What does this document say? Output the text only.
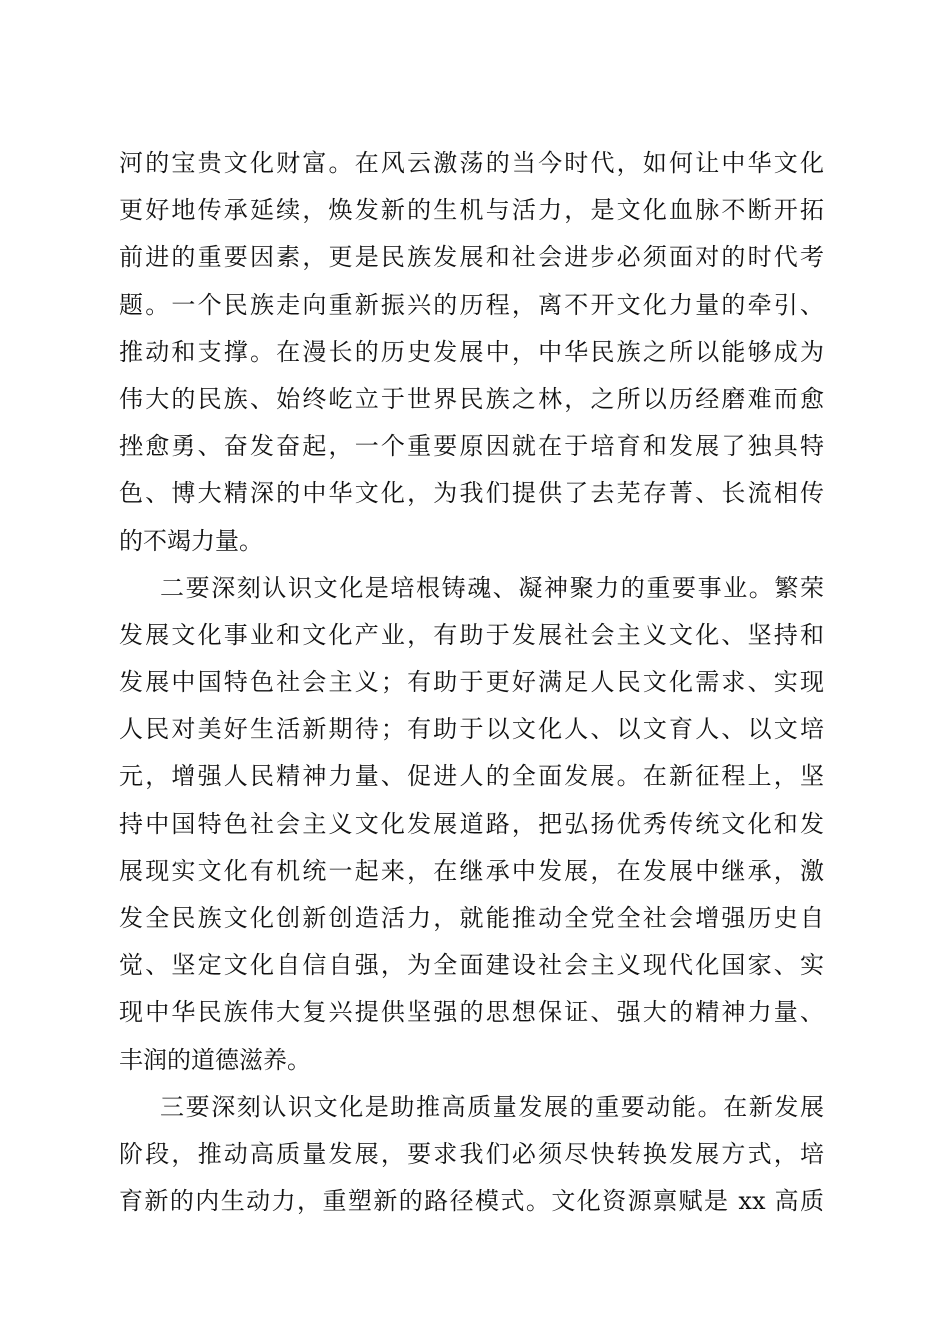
河的宝贵文化财富。在风云激荡的当今时代，如何让中华文化
更好地传承延续，焕发新的生机与活力，是文化血脉不断开拓
前进的重要因素，更是民族发展和社会进步必须面对的时代考
题。一个民族走向重新振兴的历程，离不开文化力量的牵引、
推动和支撑。在漫长的历史发展中，中华民族之所以能够成为
伟大的民族、始终屹立于世界民族之林，之所以历经磨难而愈
挫愈勇、奋发奋起，一个重要原因就在于培育和发展了独具特
色、博大精深的中华文化，为我们提供了去芜存菁、长流相传
的不竭力量。
二要深刻认识文化是培根铸魂、凝神聚力的重要事业。繁荣
发展文化事业和文化产业，有助于发展社会主义文化、坚持和
发展中国特色社会主义；有助于更好满足人民文化需求、实现
人民对美好生活新期待；有助于以文化人、以文育人、以文培
元，增强人民精神力量、促进人的全面发展。在新征程上，坚
持中国特色社会主义文化发展道路，把弘扬优秀传统文化和发
展现实文化有机统一起来，在继承中发展，在发展中继承，激
发全民族文化创新创造活力，就能推动全党全社会增强历史自
觉、坚定文化自信自强，为全面建设社会主义现代化国家、实
现中华民族伟大复兴提供坚强的思想保证、强大的精神力量、
丰润的道德滋养。
三要深刻认识文化是助推高质量发展的重要动能。在新发展
阶段，推动高质量发展，要求我们必须尽快转换发展方式，培
育新的内生动力，重塑新的路径模式。文化资源禀赋是 xx 高质
